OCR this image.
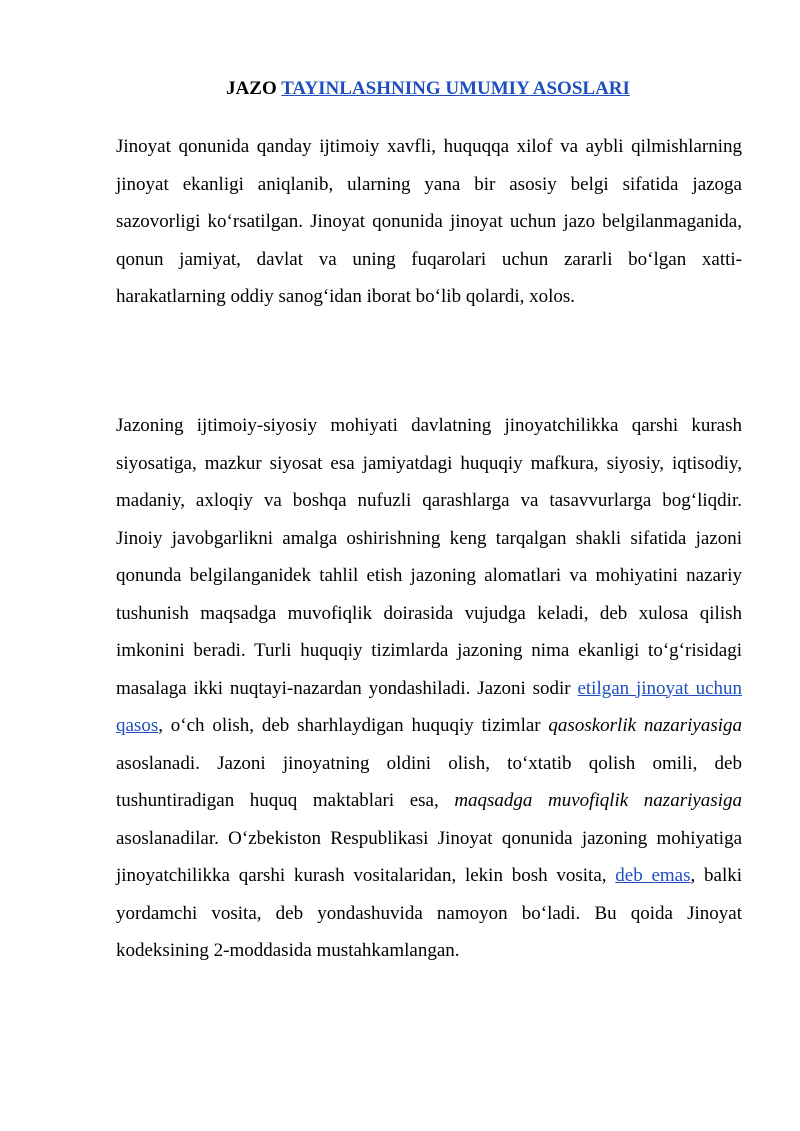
JAZO TAYINLASHNING UMUMIY ASOSLARI

Jinoyat qonunida qanday ijtimoiy xavfli, huquqqa xilof va aybli qilmishlarning jinoyat ekanligi aniqlanib, ularning yana bir asosiy belgi sifatida jazoga sazovorligi ko‘rsatilgan. Jinoyat qonunida jinoyat uchun jazo belgilanmaganida, qonun jamiyat, davlat va uning fuqarolari uchun zararli bo‘lgan xatti-harakatlarning oddiy sanog‘idan iborat bo‘lib qolardi, xolos.

Jazoning ijtimoiy-siyosiy mohiyati davlatning jinoyatchilikka qarshi kurash siyosatiga, mazkur siyosat esa jamiyatdagi huquqiy mafkura, siyosiy, iqtisodiy, madaniy, axloqiy va boshqa nufuzli qarashlarga va tasavvurlarga bog‘liqdir.
Jinoiy javobgarlikni amalga oshirishning keng tarqalgan shakli sifatida jazoni qonunda belgilanganidek tahlil etish jazoning alomatlari va mohiyatini nazariy tushunish maqsadga muvofiqlik doirasida vujudga keladi, deb xulosa qilish imkonini beradi. Turli huquqiy tizimlarda jazoning nima ekanligi to‘g‘risidagi masalaga ikki nuqtayi-nazardan yondashiladi. Jazoni sodir etilgan jinoyat uchun qasos, o‘ch olish, deb sharhlaydigan huquqiy tizimlar qasoskorlik nazariyasiga asoslanadi. Jazoni jinoyatning oldini olish, to‘xtatib qolish omili, deb tushuntiradigan huquq maktablari esa, maqsadga muvofiqlik nazariyasiga asoslanadilar. O‘zbekiston Respublikasi Jinoyat qonunida jazoning mohiyatiga jinoyatchilikka qarshi kurash vositalaridan, lekin bosh vosita, deb emas, balki yordamchi vosita, deb yondashuvida namoyon bo‘ladi. Bu qoida Jinoyat kodeksining 2-moddasida mustahkamlangan.
